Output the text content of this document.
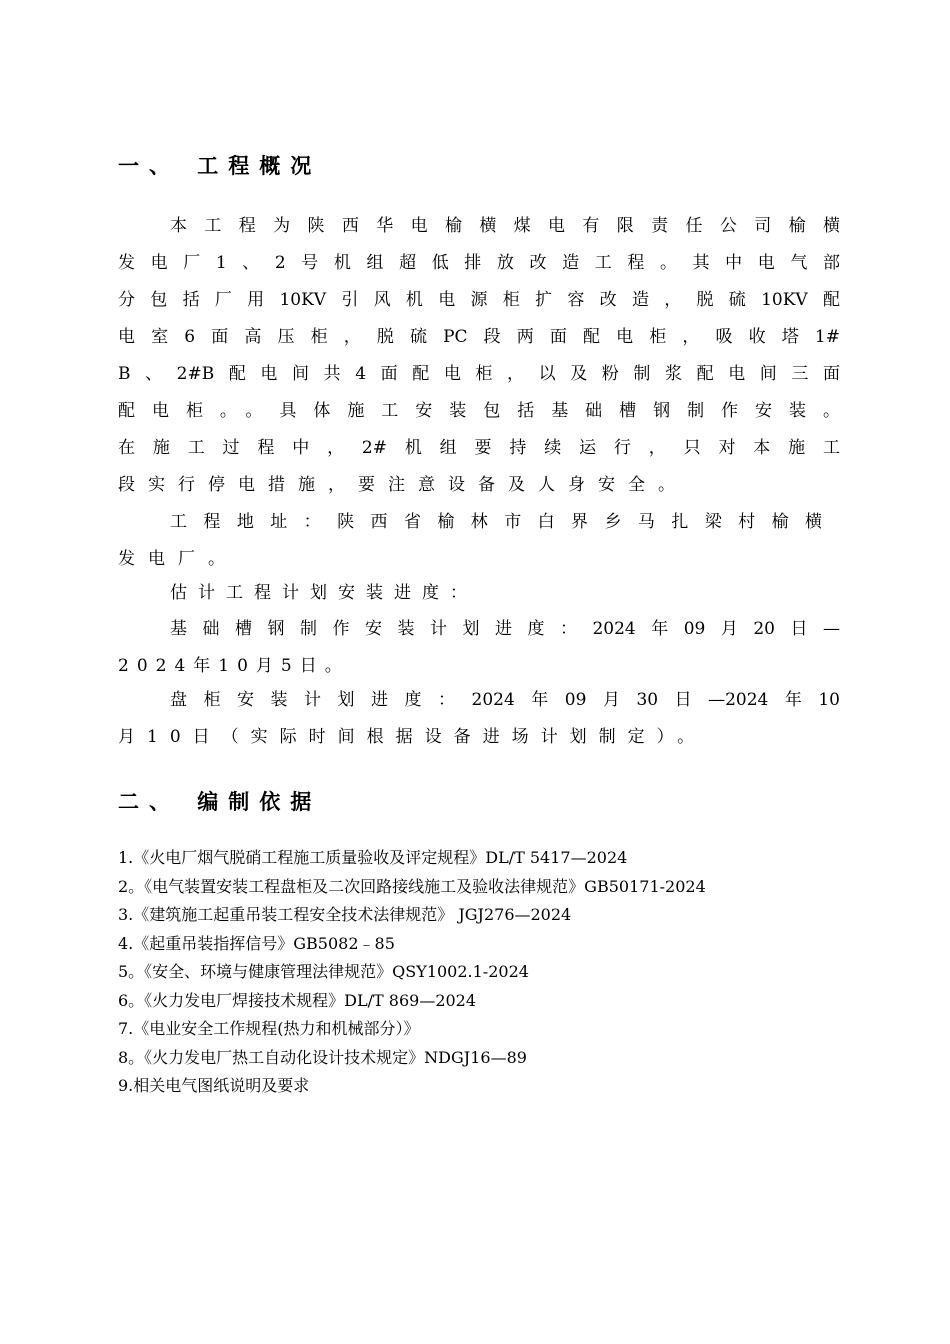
一、 工程概况
本工程为陕西华电榆横煤电有限责任公司榆横
发电厂1、2号机组超低排放改造工程。其中电气部
分包括厂用10KV引风机电源柜扩容改造，脱硫10KV配
电室6面高压柜，脱硫PC段两面配电柜，吸收塔1#
B、2#B配电间共4面配电柜，以及粉制浆配电间三面
配电柜。。具体施工安装包括基础槽钢制作安装。
在施工过程中，2#机组要持续运行，只对本施工
段实行停电措施，要注意设备及人身安全。
工程地址：陕西省榆林市白界乡马扎梁村榆横
发电厂。
估计工程计划安装进度：
基础槽钢制作安装计划进度：2024年09月20日—
2024年10月5日。
盘柜安装计划进度：2024年09月30日—2024年10
月10日（实际时间根据设备进场计划制定）。
二、 编制依据
1.《火电厂烟气脱硝工程施工质量验收及评定规程》DL/T 5417—2024
2。《电气装置安装工程盘柜及二次回路接线施工及验收法律规范》GB50171-2024
3.《建筑施工起重吊装工程安全技术法律规范》 JGJ276—2024
4.《起重吊装指挥信号》GB5082﹣85
5。《安全、环境与健康管理法律规范》QSY1002.1-2024
6。《火力发电厂焊接技术规程》DL/T 869—2024
7.《电业安全工作规程(热力和机械部分）》
8。《火力发电厂热工自动化设计技术规定》NDGJ16—89
9.相关电气图纸说明及要求
